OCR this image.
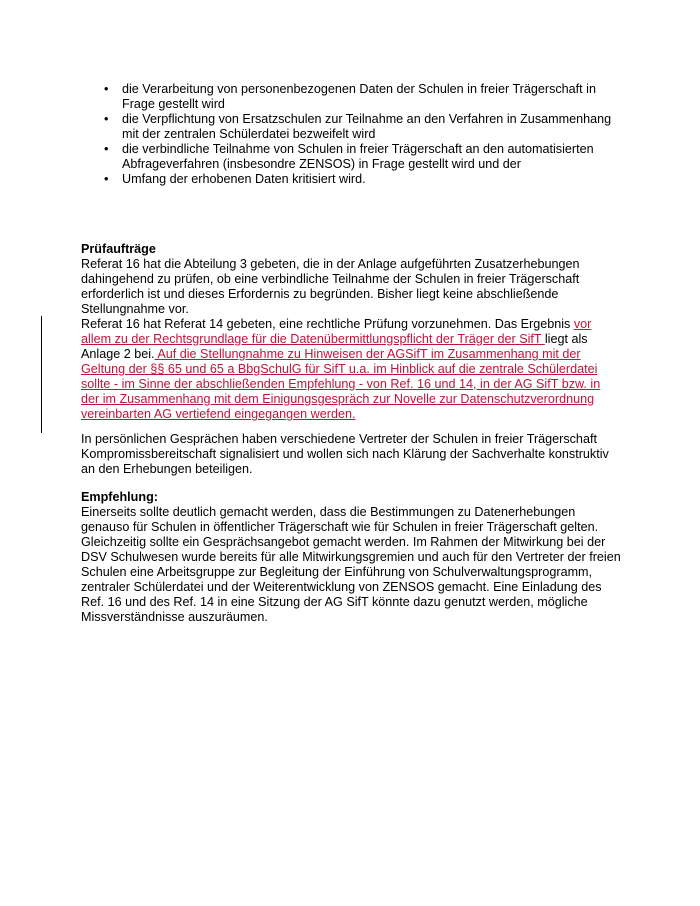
•	die Verarbeitung von personenbezogenen Daten der Schulen in freier Trägerschaft in Frage gestellt wird
•	die Verpflichtung von Ersatzschulen zur Teilnahme an den Verfahren in Zusammenhang mit der zentralen Schülerdatei bezweifelt wird
•	die verbindliche Teilnahme von Schulen in freier Trägerschaft an den automatisierten Abfrageverfahren (insbesondre ZENSOS) in Frage gestellt wird und der
•	Umfang der erhobenen Daten kritisiert wird.

Prüfaufträge

Referat 16 hat die Abteilung 3 gebeten, die in der Anlage aufgeführten Zusatzerhebungen dahingehend zu prüfen, ob eine verbindliche Teilnahme der Schulen in freier Trägerschaft erforderlich ist und dieses Erfordernis zu begründen. Bisher liegt keine abschließende Stellungnahme vor.

Referat 16 hat Referat 14 gebeten, eine rechtliche Prüfung vorzunehmen. Das Ergebnis vor allem zu der Rechtsgrundlage für die Datenübermittlungspflicht der Träger der SifT liegt als Anlage 2 bei. Auf die Stellungnahme zu Hinweisen der AGSifT im Zusammenhang mit der Geltung der §§ 65 und 65 a BbgSchulG für SifT u.a. im Hinblick auf die zentrale Schülerdatei sollte - im Sinne der abschließenden Empfehlung - von Ref. 16 und 14, in der AG SifT bzw. in der im Zusammenhang mit dem Einigungsgespräch zur Novelle zur Datenschutzverordnung vereinbarten AG vertiefend eingegangen werden.

In persönlichen Gesprächen haben verschiedene Vertreter der Schulen in freier Trägerschaft Kompromissbereitschaft signalisiert und wollen sich nach Klärung der Sachverhalte konstruktiv an den Erhebungen beteiligen.

Empfehlung:

Einerseits sollte deutlich gemacht werden, dass die Bestimmungen zu Datenerhebungen genauso für Schulen in öffentlicher Trägerschaft wie für Schulen in freier Trägerschaft gelten. Gleichzeitig sollte ein Gesprächsangebot gemacht werden. Im Rahmen der Mitwirkung bei der DSV Schulwesen wurde bereits für alle Mitwirkungsgremien und auch für den Vertreter der freien Schulen eine Arbeitsgruppe zur Begleitung der Einführung von Schulverwaltungsprogramm, zentraler Schülerdatei und der Weiterentwicklung von ZENSOS gemacht. Eine Einladung des Ref. 16 und des Ref. 14 in eine Sitzung der AG SifT könnte dazu genutzt werden, mögliche Missverständnisse auszuräumen.
